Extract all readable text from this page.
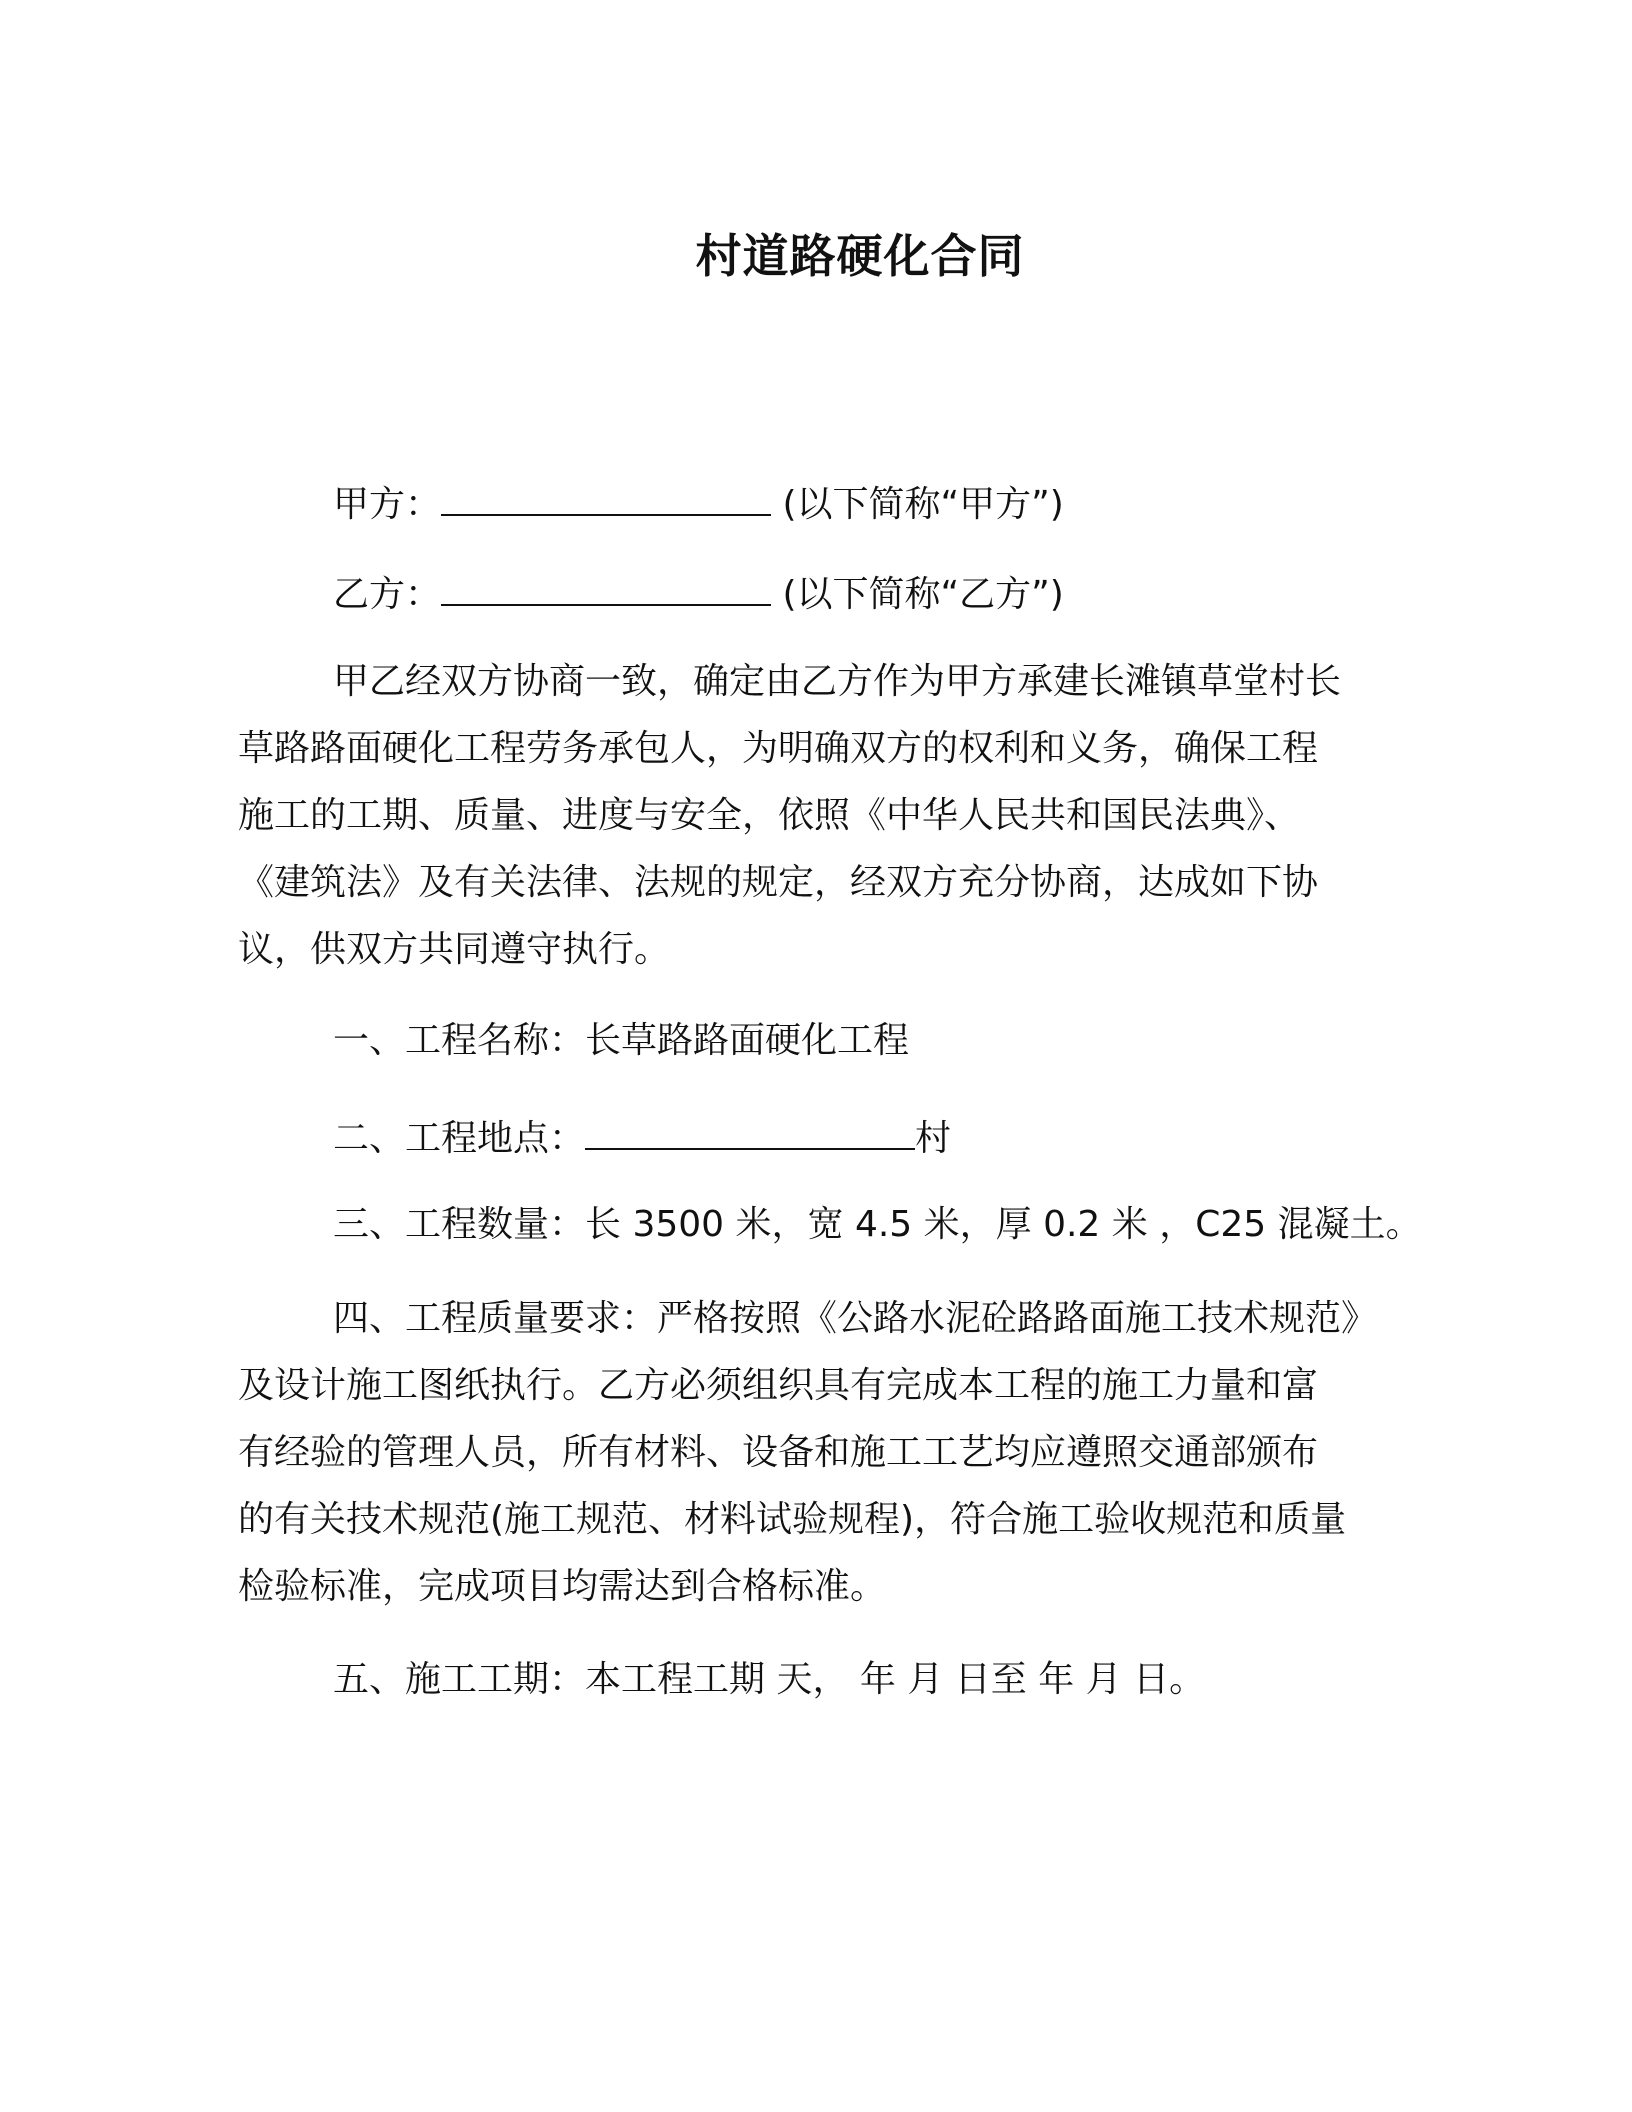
村道路硬化合同
甲方：	(以下简称“甲方”)
乙方：	(以下简称“乙方”)
甲乙经双方协商一致，确定由乙方作为甲方承建长滩镇草堂村长
草路路面硬化工程劳务承包人，为明确双方的权利和义务，确保工程
施工的工期、质量、进度与安全，依照《中华人民共和国民法典》、
《建筑法》及有关法律、法规的规定，经双方充分协商，达成如下协
议，供双方共同遵守执行。
一、工程名称：长草路路面硬化工程
二、工程地点：	村
三、工程数量：长 3500 米，宽 4.5 米，厚 0.2 米 ，C25 混凝土。
四、工程质量要求：严格按照《公路水泥砼路路面施工技术规范》
及设计施工图纸执行。乙方必须组织具有完成本工程的施工力量和富
有经验的管理人员，所有材料、设备和施工工艺均应遵照交通部颁布
的有关技术规范(施工规范、材料试验规程)，符合施工验收规范和质量
检验标准，完成项目均需达到合格标准。
五、施工工期：本工程工期 天， 年 月 日至 年 月 日。
